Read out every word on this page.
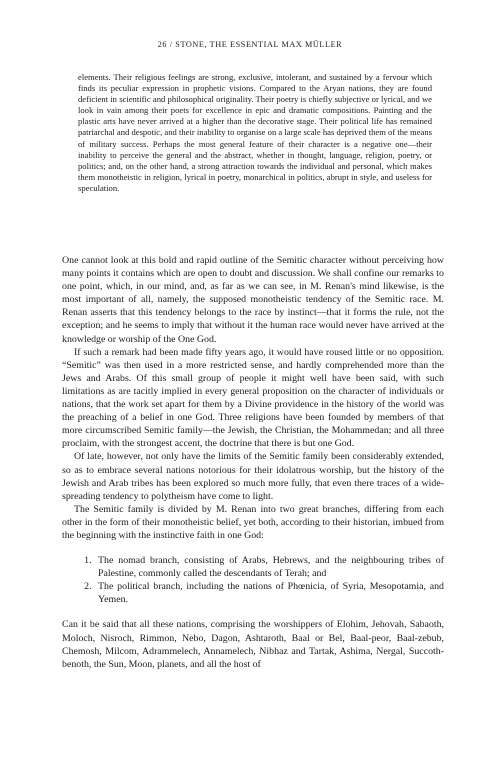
26 / STONE, THE ESSENTIAL MAX MÜLLER

elements. Their religious feelings are strong, exclusive, intolerant, and sustained by a fervour which finds its peculiar expression in prophetic visions. Compared to the Aryan nations, they are found deficient in scientific and philosophical originality. Their poetry is chiefly subjective or lyrical, and we look in vain among their poets for excellence in epic and dramatic compositions. Painting and the plastic arts have never arrived at a higher than the decorative stage. Their political life has remained patriarchal and despotic, and their inability to organise on a large scale has deprived them of the means of military success. Perhaps the most general feature of their character is a negative one—their inability to perceive the general and the abstract, whether in thought, language, religion, poetry, or politics; and, on the other hand, a strong attraction towards the individual and personal, which makes them monotheistic in religion, lyrical in poetry, monarchical in politics, abrupt in style, and useless for speculation.

One cannot look at this bold and rapid outline of the Semitic character without perceiving how many points it contains which are open to doubt and discussion. We shall confine our remarks to one point, which, in our mind, and, as far as we can see, in M. Renan's mind likewise, is the most important of all, namely, the supposed monotheistic tendency of the Semitic race. M. Renan asserts that this tendency belongs to the race by instinct—that it forms the rule, not the exception; and he seems to imply that without it the human race would never have arrived at the knowledge or worship of the One God.

If such a remark had been made fifty years ago, it would have roused little or no opposition. “Semitic” was then used in a more restricted sense, and hardly comprehended more than the Jews and Arabs. Of this small group of people it might well have been said, with such limitations as are tacitly implied in every general proposition on the character of individuals or nations, that the work set apart for them by a Divine providence in the history of the world was the preaching of a belief in one God. Three religions have been founded by members of that more circumscribed Semitic family—the Jewish, the Christian, the Mohammedan; and all three proclaim, with the strongest accent, the doctrine that there is but one God.

Of late, however, not only have the limits of the Semitic family been considerably extended, so as to embrace several nations notorious for their idolatrous worship, but the history of the Jewish and Arab tribes has been explored so much more fully, that even there traces of a wide-spreading tendency to polytheism have come to light.

The Semitic family is divided by M. Renan into two great branches, differing from each other in the form of their monotheistic belief, yet both, according to their historian, imbued from the beginning with the instinctive faith in one God:

1. The nomad branch, consisting of Arabs, Hebrews, and the neighbouring tribes of Palestine, commonly called the descendants of Terah; and
2. The political branch, including the nations of Phœnicia, of Syria, Mesopotamia, and Yemen.

Can it be said that all these nations, comprising the worshippers of Elohim, Jehovah, Sabaoth, Moloch, Nisroch, Rimmon, Nebo, Dagon, Ashtaroth, Baal or Bel, Baal-peor, Baal-zebub, Chemosh, Milcom, Adrammelech, Annamelech, Nibhaz and Tartak, Ashima, Nergal, Succoth-benoth, the Sun, Moon, planets, and all the host of
